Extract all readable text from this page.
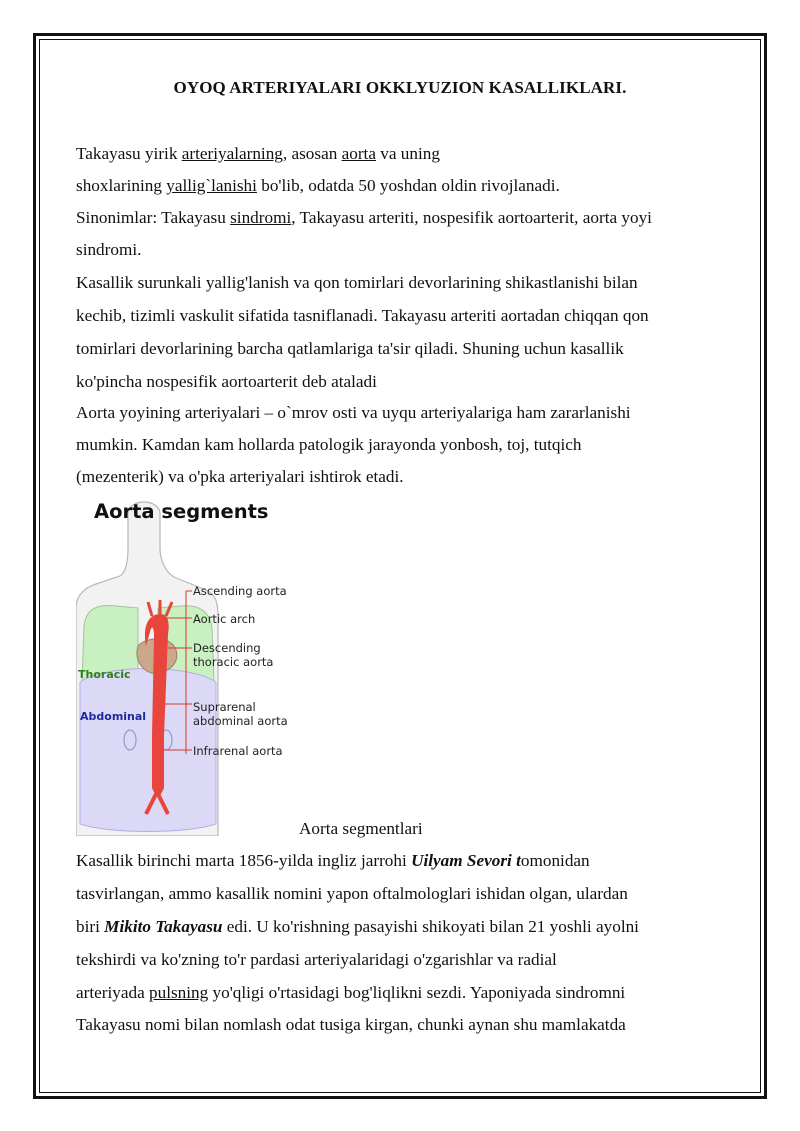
OYOQ ARTERIYALARI OKKLYUZION KASALLIKLARI.
Takayasu yirik arteriyalarning, asosan aorta va uning
shoxlarining yallig`lanishi bo'lib, odatda 50 yoshdan oldin rivojlanadi.
Sinonimlar: Takayasu sindromi, Takayasu arteriti, nospesifik aortoarterit, aorta yoyi
sindromi.
Kasallik surunkali yallig'lanish va qon tomirlari devorlarining shikastlanishi bilan
kechib, tizimli vaskulit sifatida tasniflanadi. Takayasu arteriti aortadan chiqqan qon
tomirlari devorlarining barcha qatlamlariga ta'sir qiladi. Shuning uchun kasallik
ko'pincha nospesifik aortoarterit deb ataladi
Aorta yoyining arteriyalari – o`mrov osti va uyqu arteriyalariga ham zararlanishi
mumkin. Kamdan kam hollarda patologik jarayonda yonbosh, toj, tutqich
(mezenterik) va o'pka arteriyalari ishtirok etadi.
Aorta segments
Ascending aorta
Aortic arch
Descending
thoracic aorta
Thoracic
Abdominal
Suprarenal
abdominal aorta
Infrarenal aorta
Aorta segmentlari
Kasallik birinchi marta 1856-yilda ingliz jarrohi Uilyam Sevori tomonidan
tasvirlangan, ammo kasallik nomini yapon oftalmologlari ishidan olgan, ulardan
biri Mikito Takayasu edi. U ko'rishning pasayishi shikoyati bilan 21 yoshli ayolni
tekshirdi va ko'zning to'r pardasi arteriyalaridagi o'zgarishlar va radial
arteriyada pulsning yo'qligi o'rtasidagi bog'liqlikni sezdi. Yaponiyada sindromni
Takayasu nomi bilan nomlash odat tusiga kirgan, chunki aynan shu mamlakatda
